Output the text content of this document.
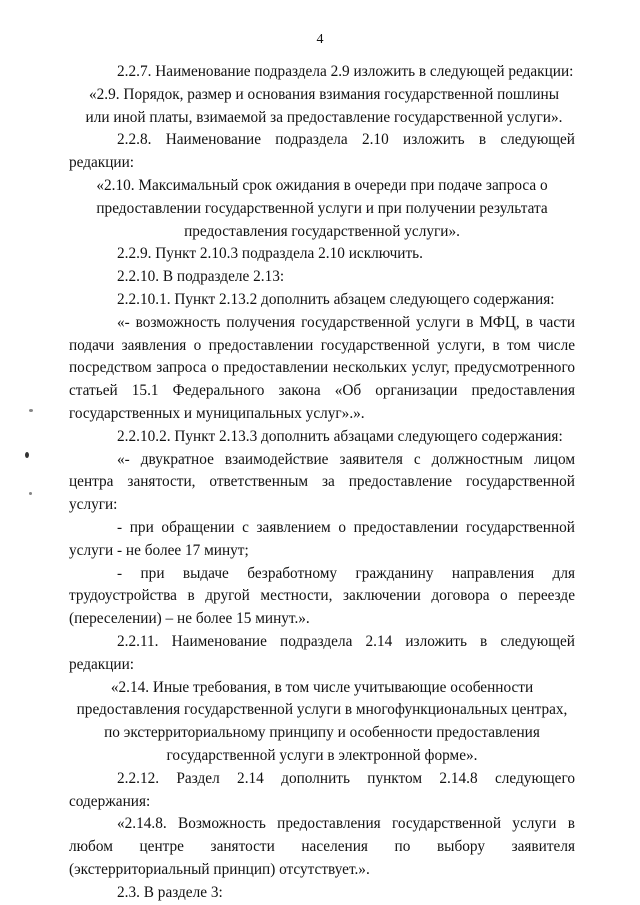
4

2.2.7. Наименование подраздела 2.9 изложить в следующей редакции:

«2.9. Порядок, размер и основания взимания государственной пошлины или иной платы, взимаемой за предоставление государственной услуги».

2.2.8. Наименование подраздела 2.10 изложить в следующей редакции:

«2.10. Максимальный срок ожидания в очереди при подаче запроса о предоставлении государственной услуги и при получении результата предоставления государственной услуги».

2.2.9. Пункт 2.10.3 подраздела 2.10 исключить.

2.2.10. В подразделе 2.13:

2.2.10.1. Пункт 2.13.2 дополнить абзацем следующего содержания:

«- возможность получения государственной услуги в МФЦ, в части подачи заявления о предоставлении государственной услуги, в том числе посредством запроса о предоставлении нескольких услуг, предусмотренного статьей 15.1 Федерального закона «Об организации предоставления государственных и муниципальных услуг».».

2.2.10.2. Пункт 2.13.3 дополнить абзацами следующего содержания:

«- двукратное взаимодействие заявителя с должностным лицом центра занятости, ответственным за предоставление государственной услуги:

- при обращении с заявлением о предоставлении государственной услуги - не более 17 минут;

- при выдаче безработному гражданину направления для трудоустройства в другой местности, заключении договора о переезде (переселении) – не более 15 минут.».

2.2.11. Наименование подраздела 2.14 изложить в следующей редакции:

«2.14. Иные требования, в том числе учитывающие особенности предоставления государственной услуги в многофункциональных центрах, по экстерриториальному принципу и особенности предоставления государственной услуги в электронной форме».

2.2.12. Раздел 2.14 дополнить пунктом 2.14.8 следующего содержания:

«2.14.8. Возможность предоставления государственной услуги в любом центре занятости населения по выбору заявителя (экстерриториальный принцип) отсутствует.».

2.3. В разделе 3:
